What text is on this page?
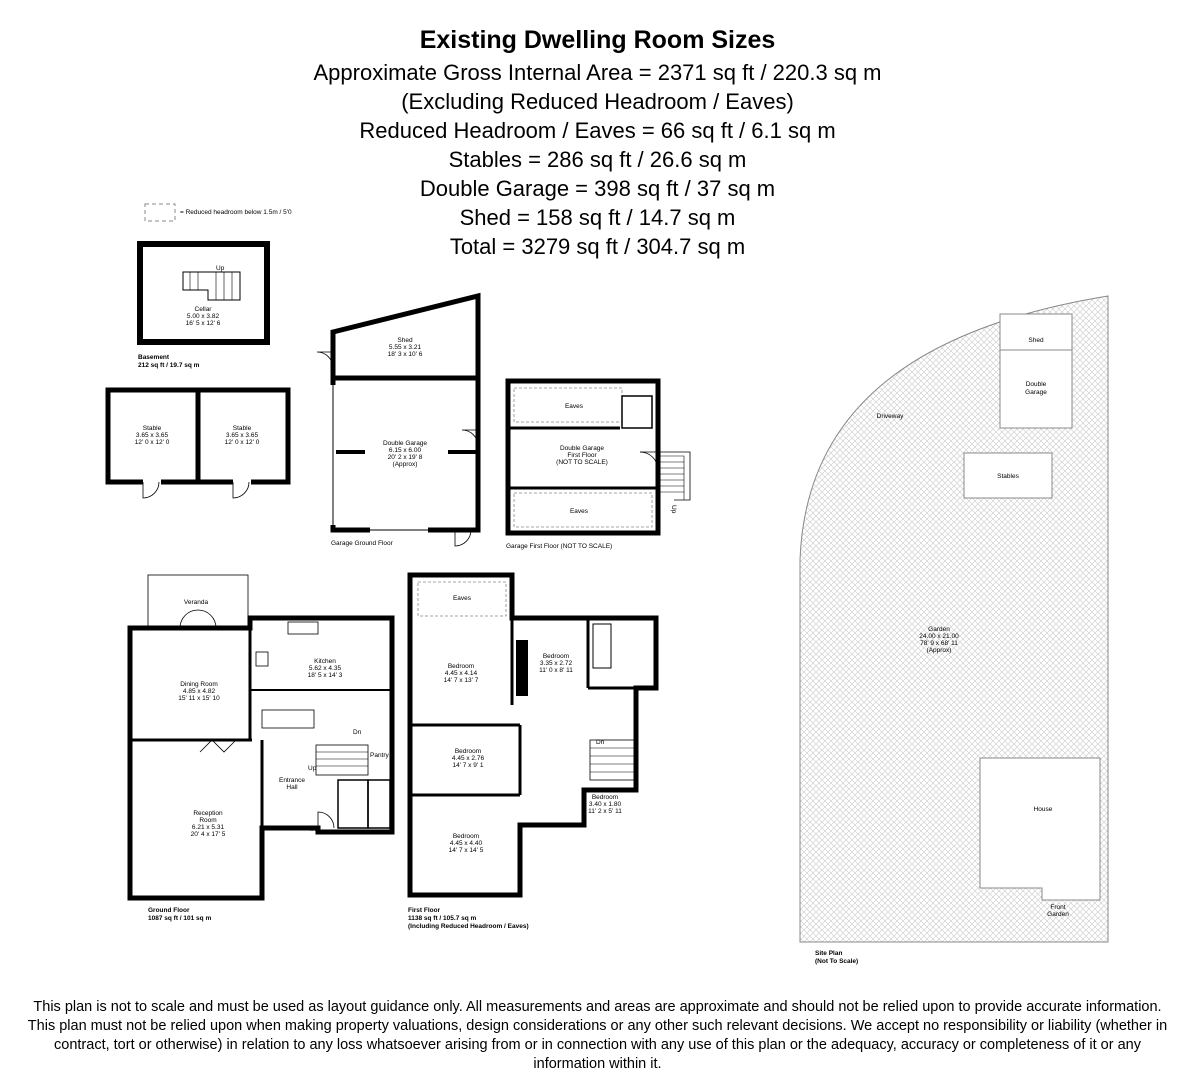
Existing Dwelling Room Sizes
Approximate Gross Internal Area = 2371 sq ft / 220.3 sq m
(Excluding Reduced Headroom / Eaves)
Reduced Headroom / Eaves = 66 sq ft / 6.1 sq m
Stables = 286 sq ft / 26.6 sq m
Double Garage = 398 sq ft / 37 sq m
Shed = 158 sq ft / 14.7 sq m
Total = 3279 sq ft / 304.7 sq m
= Reduced headroom below 1.5m / 5'0
Up
Cellar
5.00 x 3.82
16' 5 x 12' 6
Basement
212 sq ft / 19.7 sq m
Stable
3.65 x 3.65
12' 0 x 12' 0
Stable
3.65 x 3.65
12' 0 x 12' 0
Shed
5.55 x 3.21
18' 3 x 10' 6
Double Garage
6.15 x 6.00
20' 2 x 19' 8
(Approx)
Garage Ground Floor
Eaves
Eaves
Double Garage
First Floor
(NOT TO SCALE)
Up
Garage First Floor (NOT TO SCALE)
Veranda
Dining Room
4.85 x 4.82
15' 11 x 15' 10
Kitchen
5.62 x 4.35
18' 5 x 14' 3
Reception
Room
6.21 x 5.31
20' 4 x 17' 5
Entrance
Hall
Pantry
Dn
Up
IN
Ground Floor
1087 sq ft / 101 sq m
Eaves
Bedroom
4.45 x 4.14
14' 7 x 13' 7
Bedroom
3.35 x 2.72
11' 0 x 8' 11
Bedroom
4.45 x 2.76
14' 7 x 9' 1
Bedroom
3.40 x 1.80
11' 2 x 5' 11
Bedroom
4.45 x 4.40
14' 7 x 14' 5
Dn
First Floor
1138 sq ft / 105.7 sq m
(Including Reduced Headroom / Eaves)
Driveway
Shed
Double
Garage
Stables
Garden
24.00 x 21.00
78' 9 x 68' 11
(Approx)
House
Front
Garden
Site Plan
(Not To Scale)
This plan is not to scale and must be used as layout guidance only. All measurements and areas are approximate and should not be relied upon to provide accurate information. This plan must not be relied upon when making property valuations, design considerations or any other such relevant decisions. We accept no responsibility or liability (whether in contract, tort or otherwise) in relation to any loss whatsoever arising from or in connection with any use of this plan or the adequacy, accuracy or completeness of it or any information within it.
